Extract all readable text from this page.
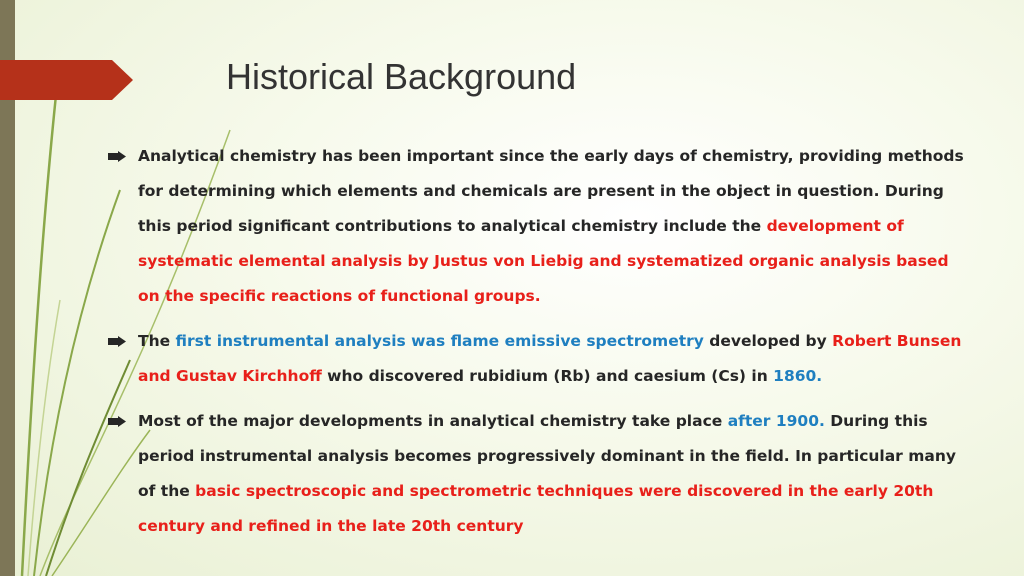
Historical Background
Analytical chemistry has been important since the early days of chemistry, providing methods for determining which elements and chemicals are present in the object in question. During this period significant contributions to analytical chemistry include the development of systematic elemental analysis by Justus von Liebig and systematized organic analysis based on the specific reactions of functional groups.
The first instrumental analysis was flame emissive spectrometry developed by Robert Bunsen and Gustav Kirchhoff who discovered rubidium (Rb) and caesium (Cs) in 1860.
Most of the major developments in analytical chemistry take place after 1900. During this period instrumental analysis becomes progressively dominant in the field. In particular many of the basic spectroscopic and spectrometric techniques were discovered in the early 20th century and refined in the late 20th century
